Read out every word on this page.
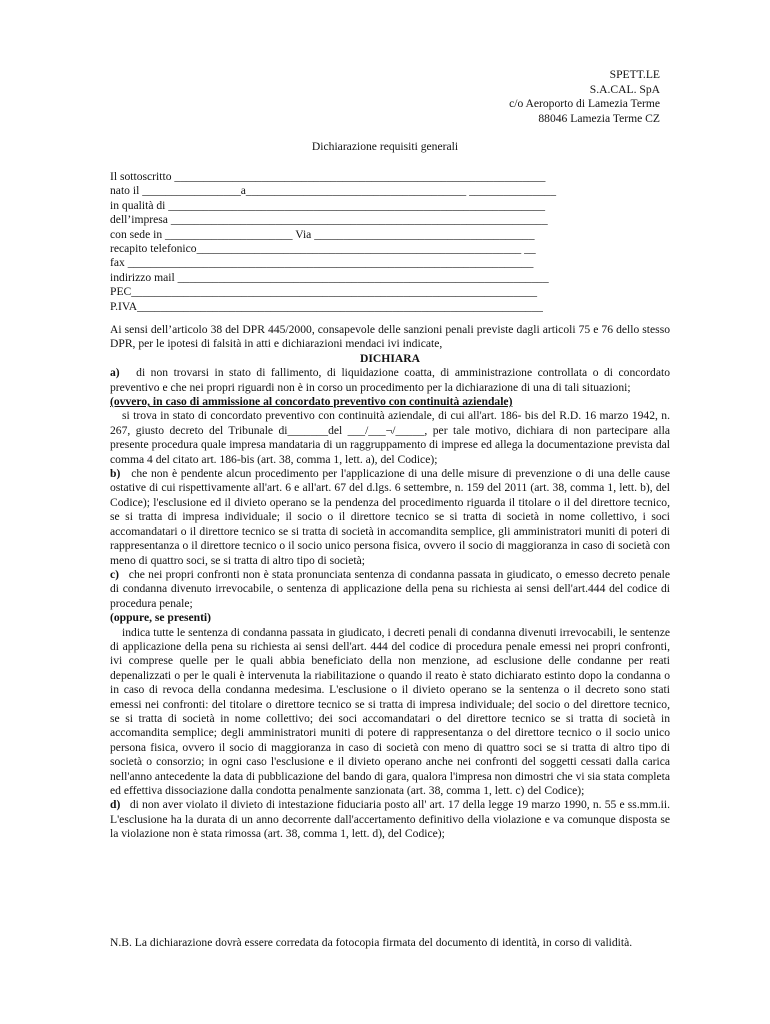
SPETT.LE
S.A.CAL. SpA
c/o Aeroporto di Lamezia Terme
88046 Lamezia Terme CZ
Dichiarazione requisiti generali
Il sottoscritto ________________________________________________________________
nato il _________________a______________________________________ _______________
in qualità di _________________________________________________________________
dell’impresa _________________________________________________________________
con sede in ______________________ Via ______________________________________
recapito telefonico________________________________________________________ __
fax ______________________________________________________________________
indirizzo mail ________________________________________________________________
PEC______________________________________________________________________
P.IVA______________________________________________________________________

Ai sensi dell’articolo 38 del DPR 445/2000, consapevole delle sanzioni penali previste dagli articoli 75 e 76 dello stesso DPR, per le ipotesi di falsità in atti e dichiarazioni mendaci ivi indicate,

DICHIARA

a) di non trovarsi in stato di fallimento, di liquidazione coatta, di amministrazione controllata o di concordato preventivo e che nei propri riguardi non è in corso un procedimento per la dichiarazione di una di tali situazioni;

(ovvero, in caso di ammissione al concordato preventivo con continuità aziendale)

si trova in stato di concordato preventivo con continuità aziendale, di cui all'art. 186- bis del R.D. 16 marzo 1942, n. 267, giusto decreto del Tribunale di_______del ___/___¬/_____, per tale motivo, dichiara di non partecipare alla presente procedura quale impresa mandataria di un raggruppamento di imprese ed allega la documentazione prevista dal comma 4 del citato art. 186-bis (art. 38, comma 1, lett. a), del Codice);

b) che non è pendente alcun procedimento per l'applicazione di una delle misure di prevenzione o di una delle cause ostative di cui rispettivamente all'art. 6 e all'art. 67 del d.lgs. 6 settembre, n. 159 del 2011 (art. 38, comma 1, lett. b), del Codice); l'esclusione ed il divieto operano se la pendenza del procedimento riguarda il titolare o il del direttore tecnico, se si tratta di impresa individuale; il socio o il direttore tecnico se si tratta di società in nome collettivo, i soci accomandatari o il direttore tecnico se si tratta di società in accomandita semplice, gli amministratori muniti di poteri di rappresentanza o il direttore tecnico o il socio unico persona fisica, ovvero il socio di maggioranza in caso di società con meno di quattro soci, se si tratta di altro tipo di società;

c) che nei propri confronti non è stata pronunciata sentenza di condanna passata in giudicato, o emesso decreto penale di condanna divenuto irrevocabile, o sentenza di applicazione della pena su richiesta ai sensi dell'art.444 del codice di procedura penale;

(oppure, se presenti)

indica tutte le sentenza di condanna passata in giudicato, i decreti penali di condanna divenuti irrevocabili, le sentenze di applicazione della pena su richiesta ai sensi dell'art. 444 del codice di procedura penale emessi nei propri confronti, ivi comprese quelle per le quali abbia beneficiato della non menzione, ad esclusione delle condanne per reati depenalizzati o per le quali è intervenuta la riabilitazione o quando il reato è stato dichiarato estinto dopo la condanna o in caso di revoca della condanna medesima. L'esclusione o il divieto operano se la sentenza o il decreto sono stati emessi nei confronti: del titolare o direttore tecnico se si tratta di impresa individuale; del socio o del direttore tecnico, se si tratta di società in nome collettivo; dei soci accomandatari o del direttore tecnico se si tratta di società in accomandita semplice; degli amministratori muniti di potere di rappresentanza o del direttore tecnico o il socio unico persona fisica, ovvero il socio di maggioranza in caso di società con meno di quattro soci se si tratta di altro tipo di società o consorzio; in ogni caso l'esclusione e il divieto operano anche nei confronti del soggetti cessati dalla carica nell'anno antecedente la data di pubblicazione del bando di gara, qualora l'impresa non dimostri che vi sia stata completa ed effettiva dissociazione dalla condotta penalmente sanzionata (art. 38, comma 1, lett. c) del Codice);

d) di non aver violato il divieto di intestazione fiduciaria posto all' art. 17 della legge 19 marzo 1990, n. 55 e ss.mm.ii. L'esclusione ha la durata di un anno decorrente dall'accertamento definitivo della violazione e va comunque disposta se la violazione non è stata rimossa (art. 38, comma 1, lett. d), del Codice);

N.B. La dichiarazione dovrà essere corredata da fotocopia firmata del documento di identità, in corso di validità.
